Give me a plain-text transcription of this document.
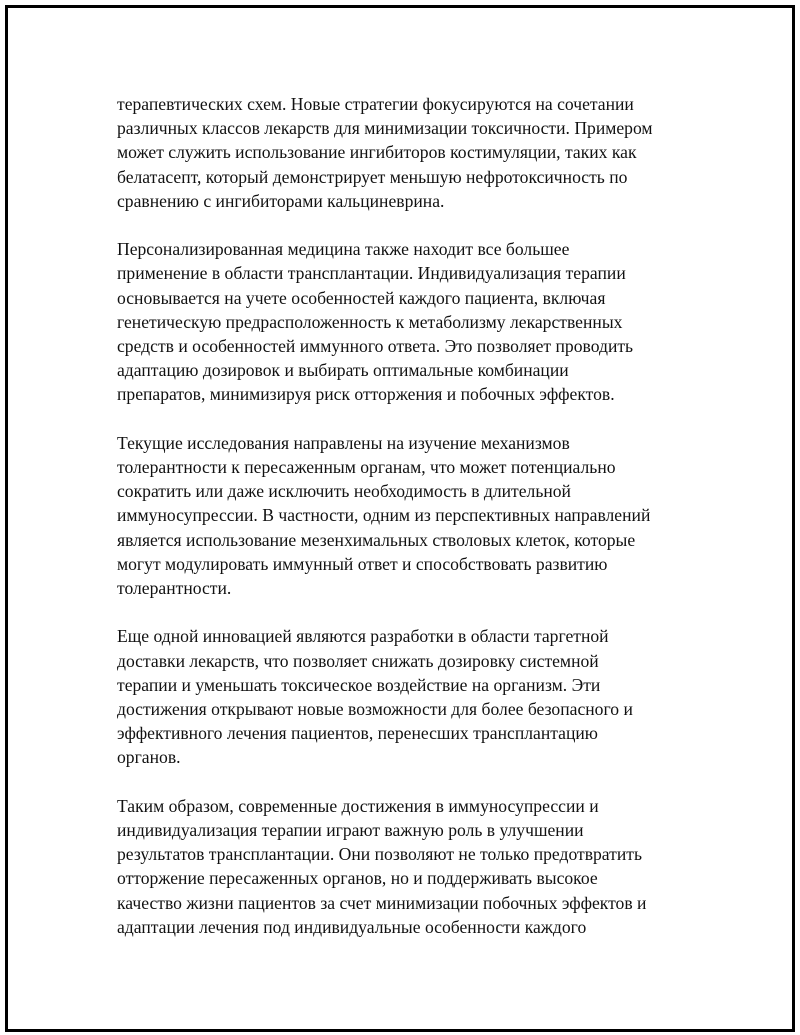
терапевтических схем. Новые стратегии фокусируются на сочетании
различных классов лекарств для минимизации токсичности. Примером
может служить использование ингибиторов костимуляции, таких как
белатасепт, который демонстрирует меньшую нефротоксичность по
сравнению с ингибиторами кальциневрина.

Персонализированная медицина также находит все большее
применение в области трансплантации. Индивидуализация терапии
основывается на учете особенностей каждого пациента, включая
генетическую предрасположенность к метаболизму лекарственных
средств и особенностей иммунного ответа. Это позволяет проводить
адаптацию дозировок и выбирать оптимальные комбинации
препаратов, минимизируя риск отторжения и побочных эффектов.

Текущие исследования направлены на изучение механизмов
толерантности к пересаженным органам, что может потенциально
сократить или даже исключить необходимость в длительной
иммуносупрессии. В частности, одним из перспективных направлений
является использование мезенхимальных стволовых клеток, которые
могут модулировать иммунный ответ и способствовать развитию
толерантности.

Еще одной инновацией являются разработки в области таргетной
доставки лекарств, что позволяет снижать дозировку системной
терапии и уменьшать токсическое воздействие на организм. Эти
достижения открывают новые возможности для более безопасного и
эффективного лечения пациентов, перенесших трансплантацию
органов.

Таким образом, современные достижения в иммуносупрессии и
индивидуализация терапии играют важную роль в улучшении
результатов трансплантации. Они позволяют не только предотвратить
отторжение пересаженных органов, но и поддерживать высокое
качество жизни пациентов за счет минимизации побочных эффектов и
адаптации лечения под индивидуальные особенности каждого
